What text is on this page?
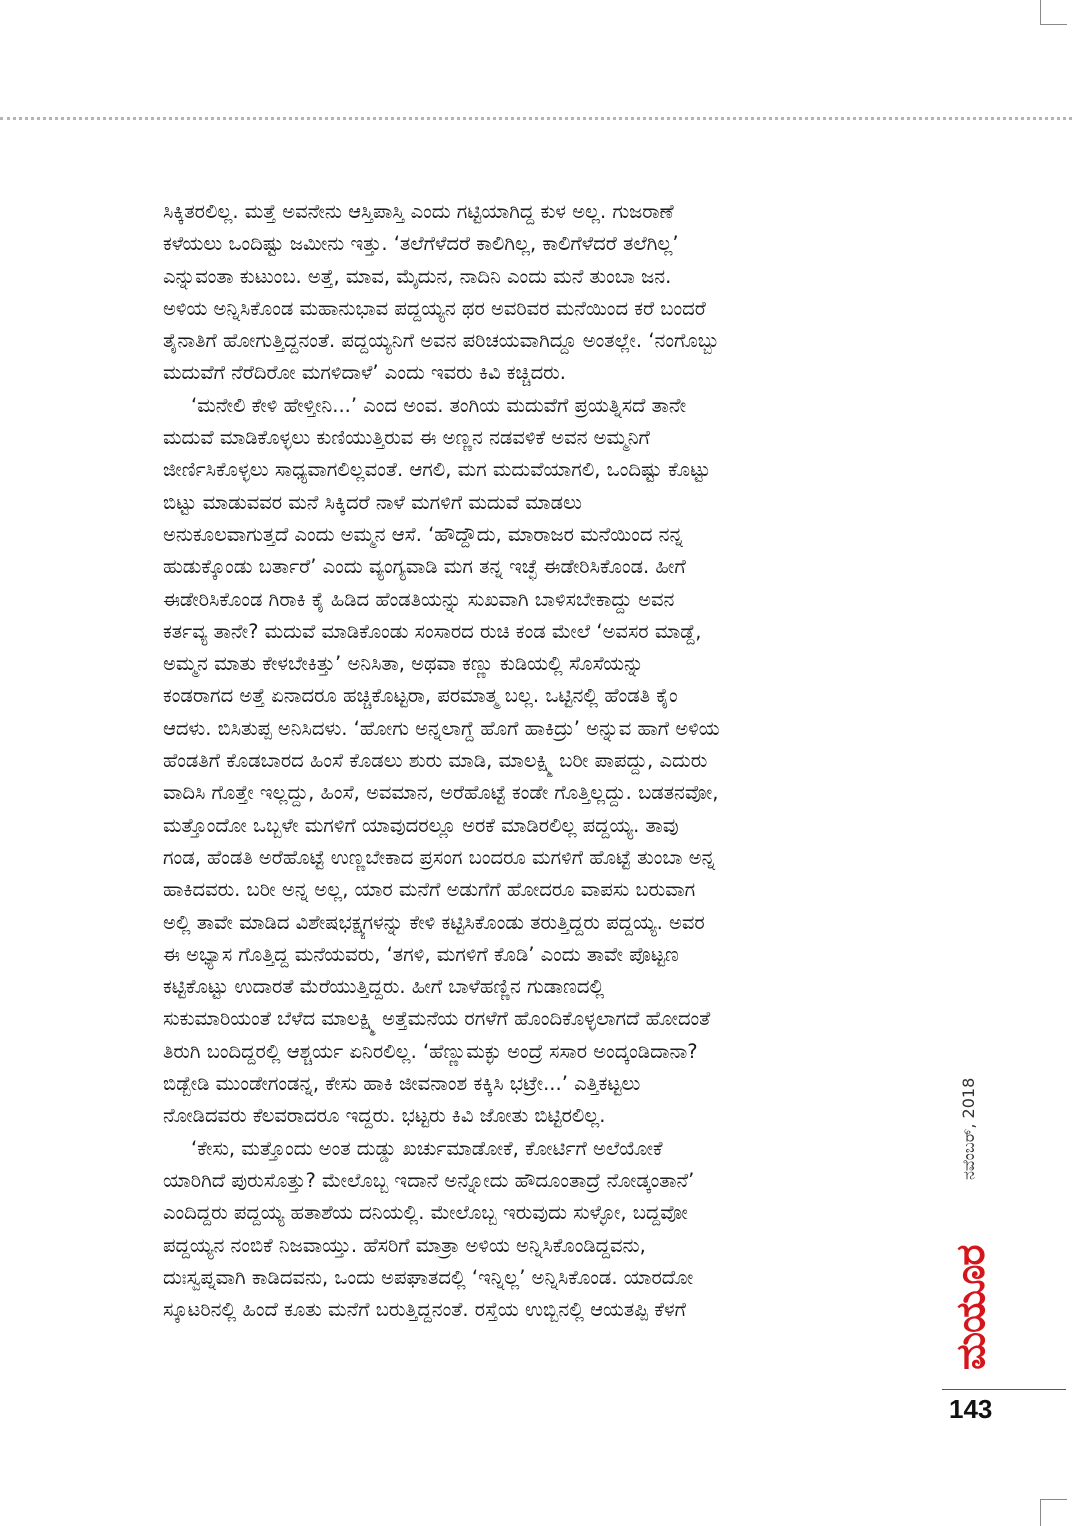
ಸಿಕ್ಕಿತರಲಿಲ್ಲ. ಮತ್ತೆ ಅವನೇನು ಆಸ್ತಿಪಾಸ್ತಿ ಎಂದು ಗಟ್ಟಿಯಾಗಿದ್ದ ಕುಳ ಅಲ್ಲ. ಗುಜರಾಣೆ
ಕಳೆಯಲು ಒಂದಿಷ್ಟು ಜಮೀನು ಇತ್ತು. ‘ತಲೆಗೆಳೆದರೆ ಕಾಲಿಗಿಲ್ಲ, ಕಾಲಿಗೆಳೆದರೆ ತಲೆಗಿಲ್ಲ’
ಎನ್ನುವಂತಾ ಕುಟುಂಬ. ಅತ್ತೆ, ಮಾವ, ಮೈದುನ, ನಾದಿನಿ ಎಂದು ಮನೆ ತುಂಬಾ ಜನ.
ಅಳಿಯ ಅನ್ನಿಸಿಕೊಂಡ ಮಹಾನುಭಾವ ಪದ್ದಯ್ಯನ ಥರ ಅವರಿವರ ಮನೆಯಿಂದ ಕರೆ ಬಂದರೆ
ತೈನಾತಿಗೆ ಹೋಗುತ್ತಿದ್ದನಂತೆ. ಪದ್ದಯ್ಯನಿಗೆ ಅವನ ಪರಿಚಯವಾಗಿದ್ದೂ ಅಂತಲ್ಲೇ. ‘ನಂಗೊಬ್ಬು
ಮದುವೆಗೆ ನೆರೆದಿರೋ ಮಗಳಿದಾಳೆ’ ಎಂದು ಇವರು ಕಿವಿ ಕಚ್ಚಿದರು.
‘ಮನೇಲಿ ಕೇಳಿ ಹೇಳ್ತೀನಿ...’ ಎಂದ ಅಂವ. ತಂಗಿಯ ಮದುವೆಗೆ ಪ್ರಯತ್ನಿಸದೆ ತಾನೇ
ಮದುವೆ ಮಾಡಿಕೊಳ್ಳಲು ಕುಣಿಯುತ್ತಿರುವ ಈ ಅಣ್ಣನ ನಡವಳಿಕೆ ಅವನ ಅಮ್ಮನಿಗೆ
ಜೀರ್ಣಿಸಿಕೊಳ್ಳಲು ಸಾಧ್ಯವಾಗಲಿಲ್ಲವಂತೆ. ಆಗಲಿ, ಮಗ ಮದುವೆಯಾಗಲಿ, ಒಂದಿಷ್ಟು ಕೊಟ್ಟು
ಬಿಟ್ಟು ಮಾಡುವವರ ಮನೆ ಸಿಕ್ಕಿದರೆ ನಾಳೆ ಮಗಳಿಗೆ ಮದುವೆ ಮಾಡಲು
ಅನುಕೂಲವಾಗುತ್ತದೆ ಎಂದು ಅಮ್ಮನ ಆಸೆ. ‘ಹೌದ್ದೌದು, ಮಾರಾಜರ ಮನೆಯಿಂದ ನನ್ನ
ಹುಡುಕ್ಕೊಂಡು ಬರ್ತಾರೆ’ ಎಂದು ವ್ಯಂಗ್ಯವಾಡಿ ಮಗ ತನ್ನ ಇಚ್ಛೆ ಈಡೇರಿಸಿಕೊಂಡ. ಹೀಗೆ
ಈಡೇರಿಸಿಕೊಂಡ ಗಿರಾಕಿ ಕೈ ಹಿಡಿದ ಹೆಂಡತಿಯನ್ನು ಸುಖವಾಗಿ ಬಾಳಿಸಬೇಕಾದ್ದು ಅವನ
ಕರ್ತವ್ಯ ತಾನೇ? ಮದುವೆ ಮಾಡಿಕೊಂಡು ಸಂಸಾರದ ರುಚಿ ಕಂಡ ಮೇಲೆ ‘ಅವಸರ ಮಾಡ್ದೆ,
ಅಮ್ಮನ ಮಾತು ಕೇಳಬೇಕಿತ್ತು’ ಅನಿಸಿತಾ, ಅಥವಾ ಕಣ್ಣು ಕುಡಿಯಲ್ಲಿ ಸೊಸೆಯನ್ನು
ಕಂಡರಾಗದ ಅತ್ತೆ ಏನಾದರೂ ಹಚ್ಚಿಕೊಟ್ಟರಾ, ಪರಮಾತ್ಮ ಬಲ್ಲ. ಒಟ್ಟಿನಲ್ಲಿ ಹೆಂಡತಿ ಕೈಂ
ಆದಳು. ಬಿಸಿತುಪ್ಪ ಅನಿಸಿದಳು. ‘ಹೋಗು ಅನ್ನಲಾಗ್ದೆ ಹೊಗೆ ಹಾಕಿದ್ರು’ ಅನ್ನುವ ಹಾಗೆ ಅಳಿಯ
ಹೆಂಡತಿಗೆ ಕೊಡಬಾರದ ಹಿಂಸೆ ಕೊಡಲು ಶುರು ಮಾಡಿ, ಮಾಲಕ್ಷ್ಮಿ ಬರೀ ಪಾಪದ್ದು, ಎದುರು
ವಾದಿಸಿ ಗೊತ್ತೇ ಇಲ್ಲದ್ದು, ಹಿಂಸೆ, ಅವಮಾನ, ಅರೆಹೊಟ್ಟೆ ಕಂಡೇ ಗೊತ್ತಿಲ್ಲದ್ದು. ಬಡತನವೋ,
ಮತ್ತೊಂದೋ ಒಬ್ಬಳೇ ಮಗಳಿಗೆ ಯಾವುದರಲ್ಲೂ ಅರಕೆ ಮಾಡಿರಲಿಲ್ಲ ಪದ್ದಯ್ಯ. ತಾವು
ಗಂಡ, ಹೆಂಡತಿ ಅರೆಹೊಟ್ಟೆ ಉಣ್ಣಬೇಕಾದ ಪ್ರಸಂಗ ಬಂದರೂ ಮಗಳಿಗೆ ಹೊಟ್ಟೆ ತುಂಬಾ ಅನ್ನ
ಹಾಕಿದವರು. ಬರೀ ಅನ್ನ ಅಲ್ಲ, ಯಾರ ಮನೆಗೆ ಅಡುಗೆಗೆ ಹೋದರೂ ವಾಪಸು ಬರುವಾಗ
ಅಲ್ಲಿ ತಾವೇ ಮಾಡಿದ ವಿಶೇಷಭಕ್ಷ್ಯಗಳನ್ನು ಕೇಳಿ ಕಟ್ಟಿಸಿಕೊಂಡು ತರುತ್ತಿದ್ದರು ಪದ್ದಯ್ಯ. ಅವರ
ಈ ಅಭ್ಯಾಸ ಗೊತ್ತಿದ್ದ ಮನೆಯವರು, ‘ತಗಳಿ, ಮಗಳಿಗೆ ಕೊಡಿ’ ಎಂದು ತಾವೇ ಪೊಟ್ಟಣ
ಕಟ್ಟಿಕೊಟ್ಟು ಉದಾರತೆ ಮೆರೆಯುತ್ತಿದ್ದರು. ಹೀಗೆ ಬಾಳೆಹಣ್ಣಿನ ಗುಡಾಣದಲ್ಲಿ
ಸುಕುಮಾರಿಯಂತೆ ಬೆಳೆದ ಮಾಲಕ್ಷ್ಮಿ ಅತ್ತೆಮನೆಯ ರಗಳೆಗೆ ಹೊಂದಿಕೊಳ್ಳಲಾಗದೆ ಹೋದಂತೆ
ತಿರುಗಿ ಬಂದಿದ್ದರಲ್ಲಿ ಆಶ್ಚರ್ಯ ಏನಿರಲಿಲ್ಲ. ‘ಹೆಣ್ಣುಮಕ್ಳು ಅಂದ್ರೆ ಸಸಾರ ಅಂದ್ಕಂಡಿದಾನಾ?
ಬಿಡ್ಬೇಡಿ ಮುಂಡೇಗಂಡನ್ನ, ಕೇಸು ಹಾಕಿ ಜೀವನಾಂಶ ಕಕ್ಕಿಸಿ ಭಟ್ರೇ...’ ಎತ್ತಿಕಟ್ಟಲು
ನೋಡಿದವರು ಕೆಲವರಾದರೂ ಇದ್ದರು. ಭಟ್ಟರು ಕಿವಿ ಜೋತು ಬಿಟ್ಟಿರಲಿಲ್ಲ.
‘ಕೇಸು, ಮತ್ತೊಂದು ಅಂತ ದುಡ್ಡು ಖರ್ಚುಮಾಡೋಕೆ, ಕೋರ್ಟಿಗೆ ಅಲೆಯೋಕೆ
ಯಾರಿಗಿದೆ ಪುರುಸೊತ್ತು? ಮೇಲೊಬ್ಬ ಇದಾನೆ ಅನ್ನೋದು ಹೌದೂಂತಾದ್ರೆ ನೋಡ್ಕಂತಾನೆ’
ಎಂದಿದ್ದರು ಪದ್ದಯ್ಯ ಹತಾಶೆಯ ದನಿಯಲ್ಲಿ. ಮೇಲೊಬ್ಬ ಇರುವುದು ಸುಳ್ಳೋ, ಬದ್ದವೋ
ಪದ್ದಯ್ಯನ ನಂಬಿಕೆ ನಿಜವಾಯ್ತು. ಹೆಸರಿಗೆ ಮಾತ್ರಾ ಅಳಿಯ ಅನ್ನಿಸಿಕೊಂಡಿದ್ದವನು,
ದುಃಸ್ವಪ್ನವಾಗಿ ಕಾಡಿದವನು, ಒಂದು ಅಪಘಾತದಲ್ಲಿ ‘ಇನ್ನಿಲ್ಲ’ ಅನ್ನಿಸಿಕೊಂಡ. ಯಾರದೋ
ಸ್ಕೂಟರಿನಲ್ಲಿ ಹಿಂದೆ ಕೂತು ಮನೆಗೆ ಬರುತ್ತಿದ್ದನಂತೆ. ರಸ್ತೆಯ ಉಬ್ಬಿನಲ್ಲಿ ಆಯತಪ್ಪಿ ಕೆಳಗೆ
ನವೆಂಬರ್, 2018
ಮಯೂರ
143
